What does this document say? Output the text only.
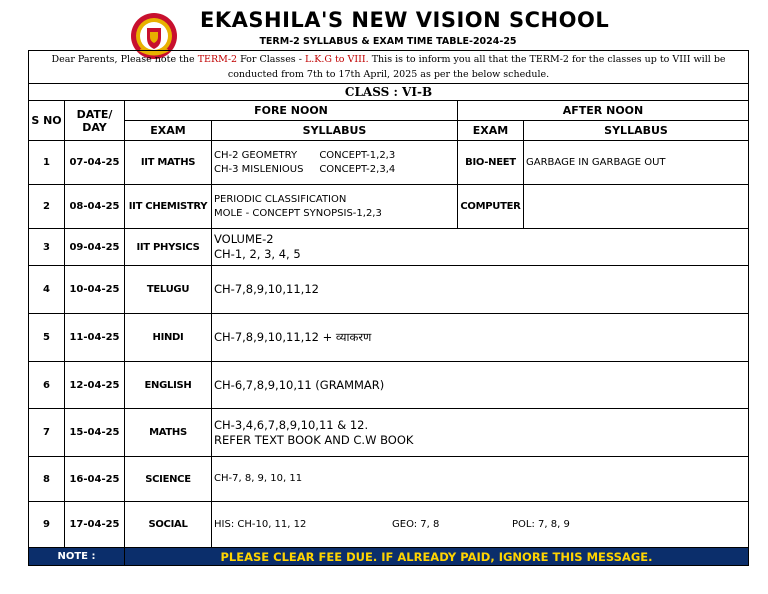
EKASHILA'S NEW VISION SCHOOL
TERM-2 SYLLABUS & EXAM TIME TABLE-2024-25
Dear Parents, Please note the TERM-2 For Classes - L.K.G to VIII. This is to inform you all that the TERM-2 for the classes up to VIII will be conducted from 7th to 17th April, 2025 as per the below schedule.					
CLASS : VI-B					
S NO	DATE/
DAY	FORE NOON		AFTER NOON	
		EXAM	SYLLABUS	EXAM	SYLLABUS
1	07-04-25	IIT MATHS	CH-2 GEOMETRY       CONCEPT-1,2,3
CH-3 MISLENIOUS     CONCEPT-2,3,4	BIO-NEET	GARBAGE IN GARBAGE OUT
2	08-04-25	IIT CHEMISTRY	PERIODIC CLASSIFICATION
MOLE - CONCEPT SYNOPSIS-1,2,3	COMPUTER	
3	09-04-25	IIT PHYSICS	VOLUME-2
CH-1, 2, 3, 4, 5		
4	10-04-25	TELUGU	CH-7,8,9,10,11,12		
5	11-04-25	HINDI	CH-7,8,9,10,11,12 + व्याकरण		
6	12-04-25	ENGLISH	CH-6,7,8,9,10,11 (GRAMMAR)		
7	15-04-25	MATHS	CH-3,4,6,7,8,9,10,11 & 12.
REFER TEXT BOOK AND C.W BOOK		
8	16-04-25	SCIENCE	CH-7, 8, 9, 10, 11		
9	17-04-25	SOCIAL	HIS: CH-10, 11, 12 GEO: 7, 8 POL: 7, 8, 9		
NOTE :		PLEASE CLEAR FEE DUE. IF ALREADY PAID, IGNORE THIS MESSAGE.			
